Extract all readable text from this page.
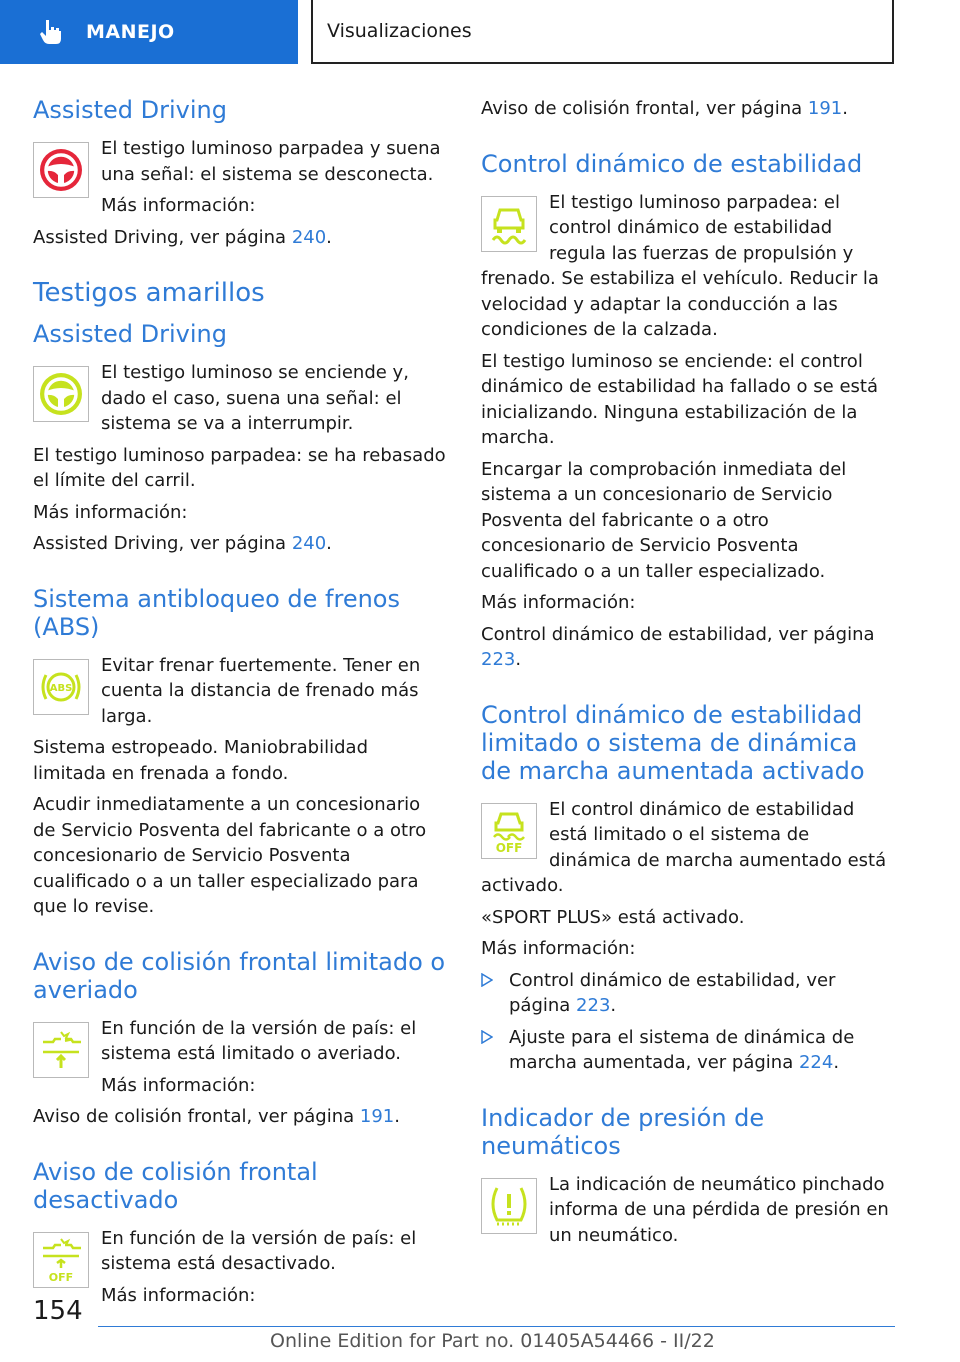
MANEJO	Visualizaciones
Assisted Driving

El testigo luminoso parpadea y suena una señal: el sistema se desconecta.

Más información:

Assisted Driving, ver página 240.

Testigos amarillos
Assisted Driving

El testigo luminoso se enciende y, dado el caso, suena una señal: el sistema se va a interrumpir.

El testigo luminoso parpadea: se ha rebasado el límite del carril.

Más información:

Assisted Driving, ver página 240.

Sistema antibloqueo de frenos (ABS)
ABS

Evitar frenar fuertemente. Tener en cuenta la distancia de frenado más larga.

Sistema estropeado. Maniobrabilidad limitada en frenada a fondo.

Acudir inmediatamente a un concesionario de Servicio Posventa del fabricante o a otro concesionario de Servicio Posventa cualificado o a un taller especializado para que lo revise.

Aviso de colisión frontal limitado o averiado

En función de la versión de país: el sistema está limitado o averiado.

Más información:

Aviso de colisión frontal, ver página 191.

Aviso de colisión frontal desactivado
OFF

En función de la versión de país: el sistema está desactivado.

Más información:

Aviso de colisión frontal, ver página 191.

Control dinámico de estabilidad

El testigo luminoso parpadea: el control dinámico de estabilidad regula las fuerzas de propulsión y frenado. Se estabiliza el vehículo. Reducir la velocidad y adaptar la conducción a las condiciones de la calzada.

El testigo luminoso se enciende: el control dinámico de estabilidad ha fallado o se está inicializando. Ninguna estabilización de la marcha.

Encargar la comprobación inmediata del sistema a un concesionario de Servicio Posventa del fabricante o a otro concesionario de Servicio Posventa cualificado o a un taller especializado.

Más información:

Control dinámico de estabilidad, ver página 223.

Control dinámico de estabilidad limitado o sistema de dinámica de marcha aumentada activado
OFF

El control dinámico de estabilidad está limitado o el sistema de dinámica de marcha aumentado está activado.

«SPORT PLUS» está activado.

Más información:

Control dinámico de estabilidad, ver página 223.
Ajuste para el sistema de dinámica de marcha aumentada, ver página 224.
Indicador de presión de neumáticos

La indicación de neumático pinchado informa de una pérdida de presión en un neumático.

154
Online Edition for Part no. 01405A54466 - II/22
